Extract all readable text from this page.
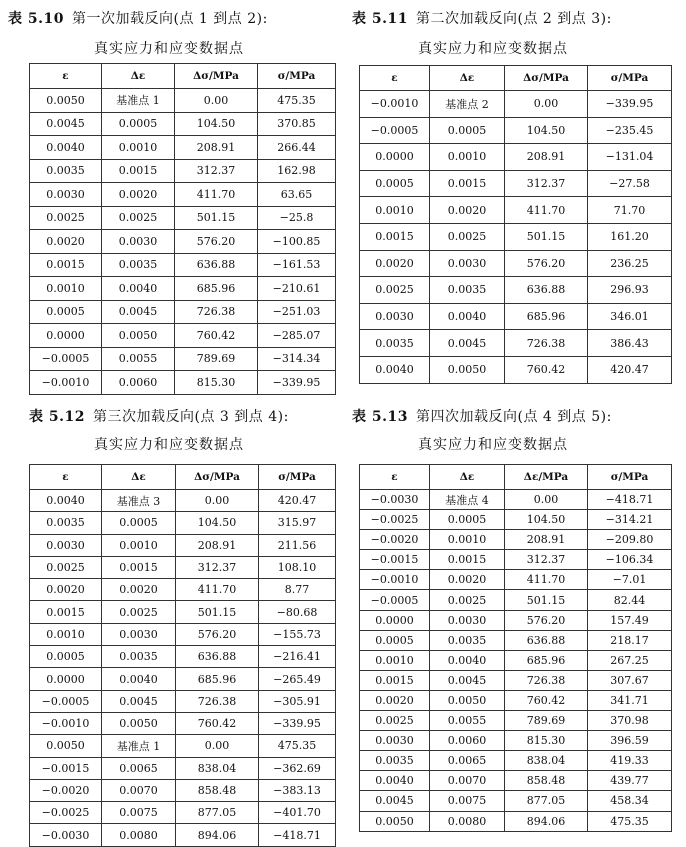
表 5.10 第一次加载反向(点 1 到点 2):
真实应力和应变数据点
ε	Δε	Δσ/MPa	σ/MPa
0.0050	基准点 1	0.00	475.35
0.0045	0.0005	104.50	370.85
0.0040	0.0010	208.91	266.44
0.0035	0.0015	312.37	162.98
0.0030	0.0020	411.70	63.65
0.0025	0.0025	501.15	−25.8
0.0020	0.0030	576.20	−100.85
0.0015	0.0035	636.88	−161.53
0.0010	0.0040	685.96	−210.61
0.0005	0.0045	726.38	−251.03
0.0000	0.0050	760.42	−285.07
−0.0005	0.0055	789.69	−314.34
−0.0010	0.0060	815.30	−339.95
表 5.11 第二次加载反向(点 2 到点 3):
真实应力和应变数据点
ε	Δε	Δσ/MPa	σ/MPa
−0.0010	基准点 2	0.00	−339.95
−0.0005	0.0005	104.50	−235.45
0.0000	0.0010	208.91	−131.04
0.0005	0.0015	312.37	−27.58
0.0010	0.0020	411.70	71.70
0.0015	0.0025	501.15	161.20
0.0020	0.0030	576.20	236.25
0.0025	0.0035	636.88	296.93
0.0030	0.0040	685.96	346.01
0.0035	0.0045	726.38	386.43
0.0040	0.0050	760.42	420.47
表 5.12 第三次加载反向(点 3 到点 4):
真实应力和应变数据点
ε	Δε	Δσ/MPa	σ/MPa
0.0040	基准点 3	0.00	420.47
0.0035	0.0005	104.50	315.97
0.0030	0.0010	208.91	211.56
0.0025	0.0015	312.37	108.10
0.0020	0.0020	411.70	8.77
0.0015	0.0025	501.15	−80.68
0.0010	0.0030	576.20	−155.73
0.0005	0.0035	636.88	−216.41
0.0000	0.0040	685.96	−265.49
−0.0005	0.0045	726.38	−305.91
−0.0010	0.0050	760.42	−339.95
0.0050	基准点 1	0.00	475.35
−0.0015	0.0065	838.04	−362.69
−0.0020	0.0070	858.48	−383.13
−0.0025	0.0075	877.05	−401.70
−0.0030	0.0080	894.06	−418.71
表 5.13 第四次加载反向(点 4 到点 5):
真实应力和应变数据点
ε	Δε	Δε/MPa	σ/MPa
−0.0030	基准点 4	0.00	−418.71
−0.0025	0.0005	104.50	−314.21
−0.0020	0.0010	208.91	−209.80
−0.0015	0.0015	312.37	−106.34
−0.0010	0.0020	411.70	−7.01
−0.0005	0.0025	501.15	82.44
0.0000	0.0030	576.20	157.49
0.0005	0.0035	636.88	218.17
0.0010	0.0040	685.96	267.25
0.0015	0.0045	726.38	307.67
0.0020	0.0050	760.42	341.71
0.0025	0.0055	789.69	370.98
0.0030	0.0060	815.30	396.59
0.0035	0.0065	838.04	419.33
0.0040	0.0070	858.48	439.77
0.0045	0.0075	877.05	458.34
0.0050	0.0080	894.06	475.35
